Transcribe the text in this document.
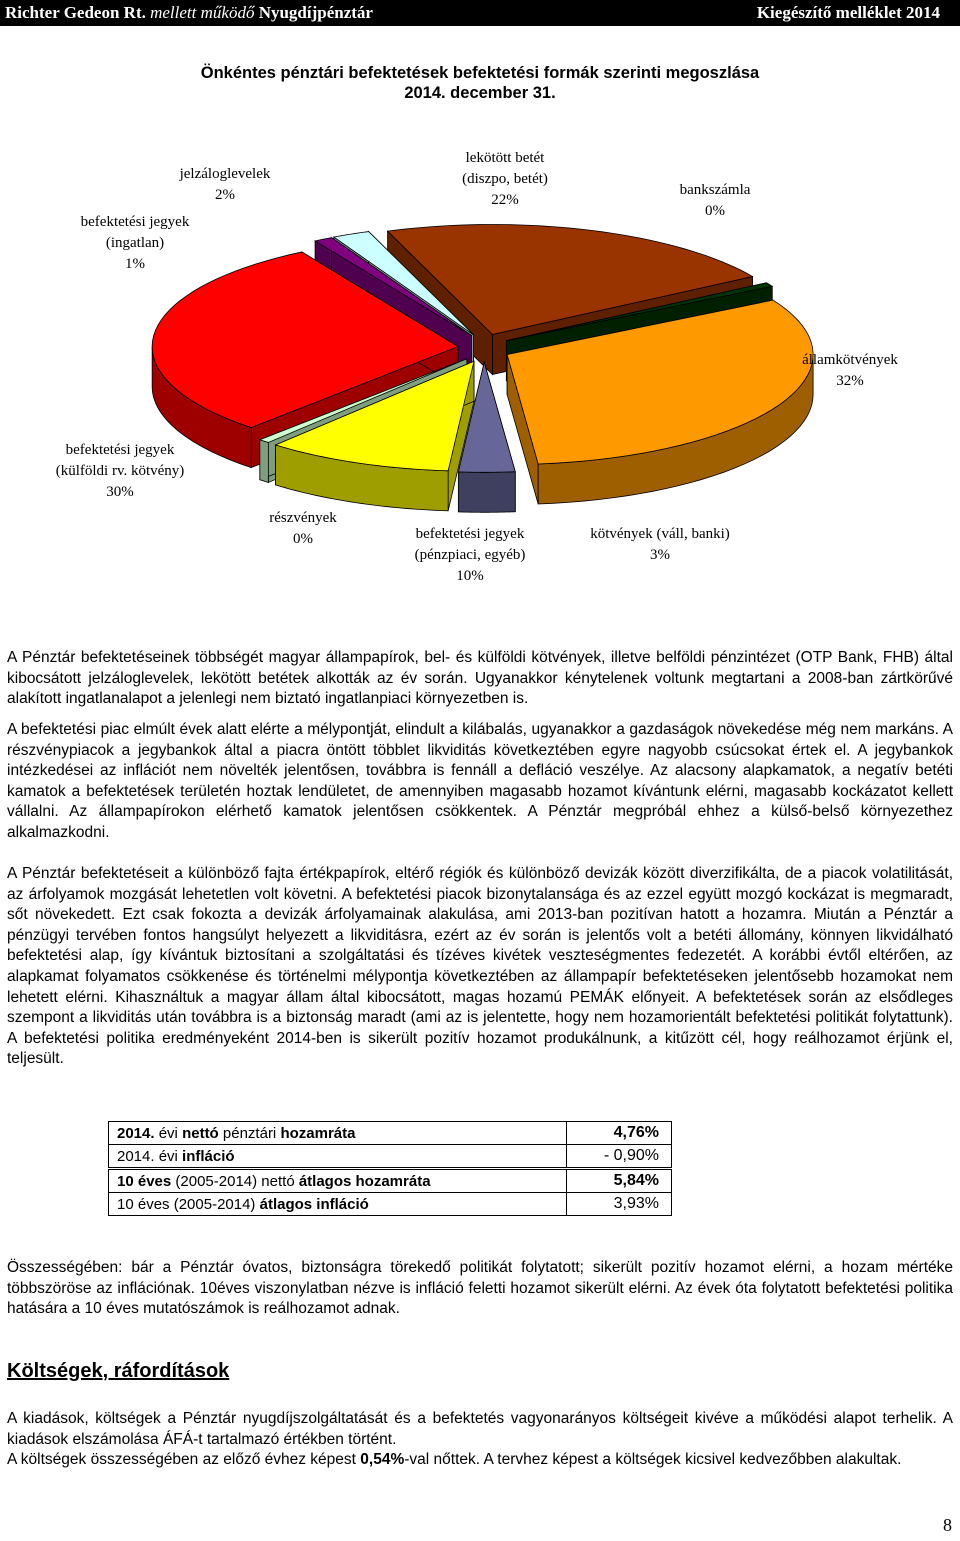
Richter Gedeon Rt. mellett működő Nyugdíjpénztár	Kiegészítő melléklet 2014
Önkéntes pénztári befektetések befektetési formák szerinti megoszlása
2014. december 31.
lekötött betét
(diszpo, betét)
22%
bankszámla
0%
államkötvények
32%
kötvények (váll, banki)
3%
befektetési jegyek
(pénzpiaci, egyéb)
10%
részvények
0%
befektetési jegyek
(külföldi rv. kötvény)
30%
befektetési jegyek
(ingatlan)
1%
jelzáloglevelek
2%

A Pénztár befektetéseinek többségét magyar állampapírok, bel- és külföldi kötvények, illetve belföldi pénzintézet (OTP Bank, FHB) által kibocsátott jelzáloglevelek, lekötött betétek alkották az év során. Ugyanakkor kénytelenek voltunk megtartani a 2008-ban zártkörűvé alakított ingatlanalapot a jelenlegi nem biztató ingatlanpiaci környezetben is.

A befektetési piac elmúlt évek alatt elérte a mélypontját, elindult a kilábalás, ugyanakkor a gazdaságok növekedése még nem markáns. A részvénypiacok a jegybankok által a piacra öntött többlet likviditás következtében egyre nagyobb csúcsokat értek el. A jegybankok intézkedései az inflációt nem növelték jelentősen, továbbra is fennáll a defláció veszélye. Az alacsony alapkamatok, a negatív betéti kamatok a befektetések területén hoztak lendületet, de amennyiben magasabb hozamot kívántunk elérni, magasabb kockázatot kellett vállalni. Az állampapírokon elérhető kamatok jelentősen csökkentek. A Pénztár megpróbál ehhez a külső-belső környezethez alkalmazkodni.

A Pénztár befektetéseit a különböző fajta értékpapírok, eltérő régiók és különböző devizák között diverzifikálta, de a piacok volatilitását, az árfolyamok mozgását lehetetlen volt követni. A befektetési piacok bizonytalansága és az ezzel együtt mozgó kockázat is megmaradt, sőt növekedett. Ezt csak fokozta a devizák árfolyamainak alakulása, ami 2013-ban pozitívan hatott a hozamra. Miután a Pénztár a pénzügyi tervében fontos hangsúlyt helyezett a likviditásra, ezért az év során is jelentős volt a betéti állomány, könnyen likvidálható befektetési alap, így kívántuk biztosítani a szolgáltatási és tízéves kivétek veszteségmentes fedezetét. A korábbi évtől eltérően, az alapkamat folyamatos csökkenése és történelmi mélypontja következtében az állampapír befektetéseken jelentősebb hozamokat nem lehetett elérni. Kihasználtuk a magyar állam által kibocsátott, magas hozamú PEMÁK előnyeit. A befektetések során az elsődleges szempont a likviditás után továbbra is a biztonság maradt (ami az is jelentette, hogy nem hozamorientált befektetési politikát folytattunk). A befektetési politika eredményeként 2014-ben is sikerült pozitív hozamot produkálnunk, a kitűzött cél, hogy reálhozamot érjünk el, teljesült.

2014. évi nettó pénztári hozamráta	4,76%
2014. évi infláció	- 0,90%
10 éves (2005-2014) nettó átlagos hozamráta	5,84%
10 éves (2005-2014) átlagos infláció	3,93%

Összességében: bár a Pénztár óvatos, biztonságra törekedő politikát folytatott; sikerült pozitív hozamot elérni, a hozam mértéke többszöröse az inflációnak. 10éves viszonylatban nézve is infláció feletti hozamot sikerült elérni. Az évek óta folytatott befektetési politika hatására a 10 éves mutatószámok is reálhozamot adnak.

Költségek, ráfordítások

A kiadások, költségek a Pénztár nyugdíjszolgáltatását és a befektetés vagyonarányos költségeit kivéve a működési alapot terhelik. A kiadások elszámolása ÁFÁ-t tartalmazó értékben történt.

A költségek összességében az előző évhez képest 0,54%-val nőttek. A tervhez képest a költségek kicsivel kedvezőbben alakultak.

8
